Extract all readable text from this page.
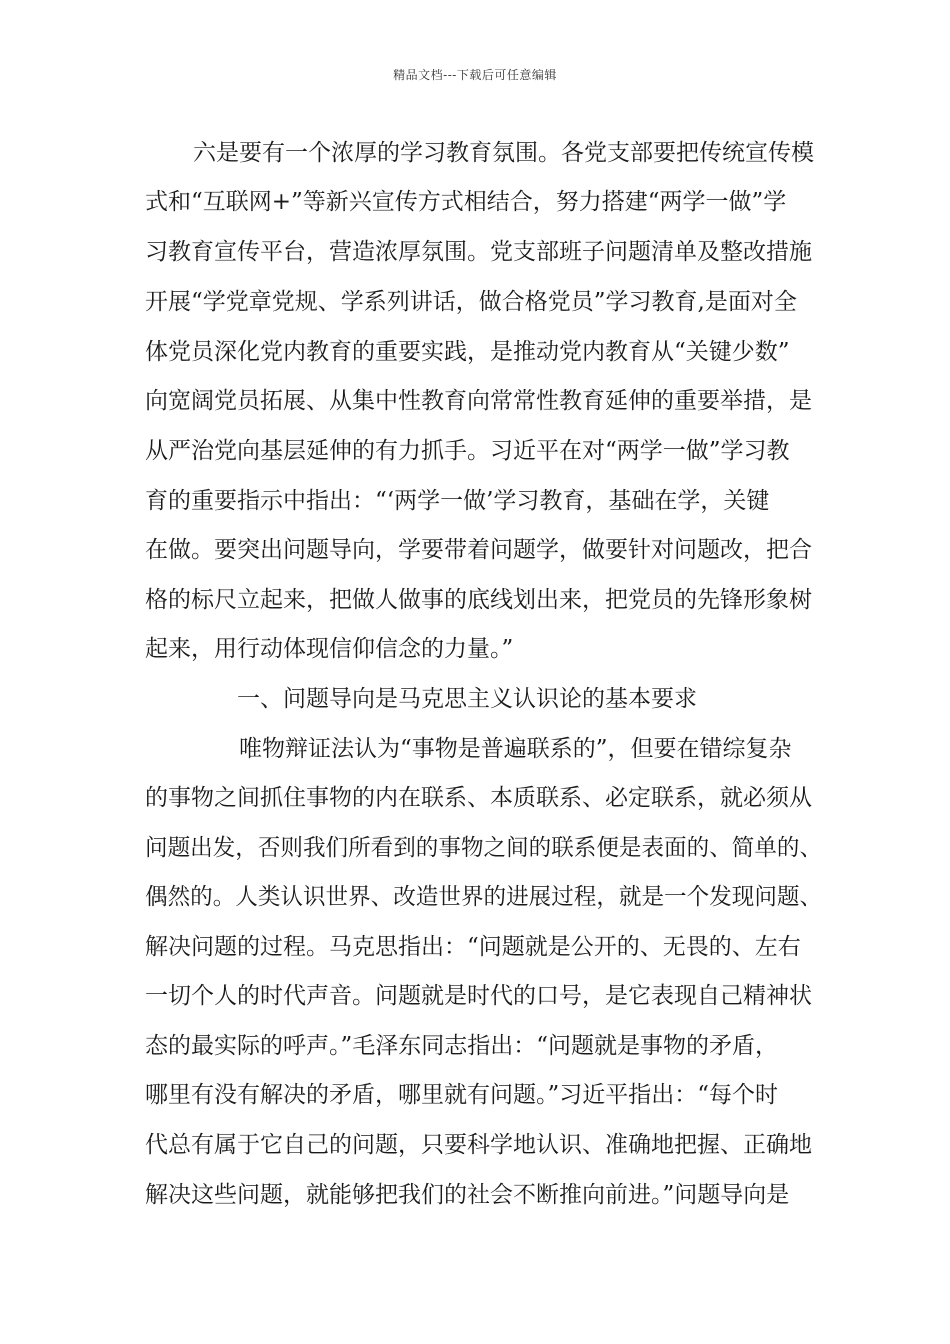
精品文档---下载后可任意编辑
六是要有一个浓厚的学习教育氛围。各党支部要把传统宣传模
式和“互联网+”等新兴宣传方式相结合，努力搭建“两学一做”学
习教育宣传平台，营造浓厚氛围。党支部班子问题清单及整改措施
开展“学党章党规、学系列讲话，做合格党员”学习教育,是面对全
体党员深化党内教育的重要实践，是推动党内教育从“关键少数”
向宽阔党员拓展、从集中性教育向常常性教育延伸的重要举措，是
从严治党向基层延伸的有力抓手。习近平在对“两学一做”学习教
育的重要指示中指出：“‘两学一做’学习教育，基础在学，关键
在做。要突出问题导向，学要带着问题学，做要针对问题改，把合
格的标尺立起来，把做人做事的底线划出来，把党员的先锋形象树
起来，用行动体现信仰信念的力量。”
一、问题导向是马克思主义认识论的基本要求
唯物辩证法认为“事物是普遍联系的”，但要在错综复杂
的事物之间抓住事物的内在联系、本质联系、必定联系，就必须从
问题出发，否则我们所看到的事物之间的联系便是表面的、简单的、
偶然的。人类认识世界、改造世界的进展过程，就是一个发现问题、
解决问题的过程。马克思指出：“问题就是公开的、无畏的、左右
一切个人的时代声音。问题就是时代的口号，是它表现自己精神状
态的最实际的呼声。”毛泽东同志指出：“问题就是事物的矛盾，
哪里有没有解决的矛盾，哪里就有问题。”习近平指出：“每个时
代总有属于它自己的问题，只要科学地认识、准确地把握、正确地
解决这些问题，就能够把我们的社会不断推向前进。”问题导向是
